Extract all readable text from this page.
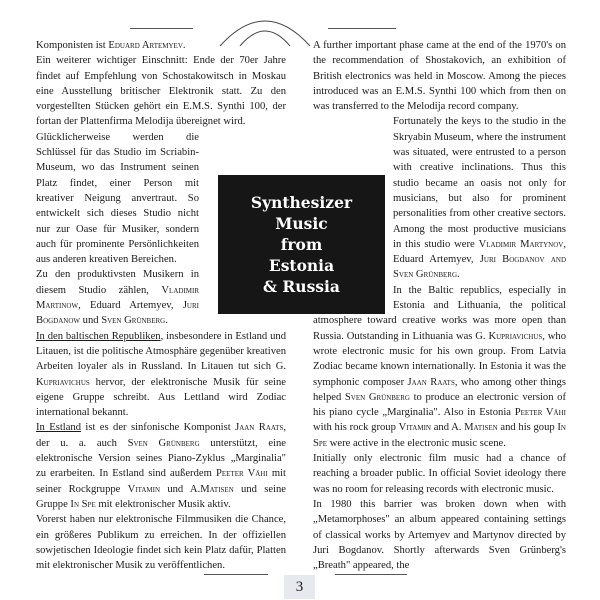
Komponisten ist Eduard Artemyev.

Ein weiterer wichtiger Einschnitt: Ende der 70er Jahre findet auf Empfehlung von Schostakowitsch in Moskau eine Ausstellung britischer Elektronik statt. Zu den vorgestellten Stücken gehört ein E.M.S. Synthi 100, der fortan der Plattenfirma Melodija übereignet wird.

Glücklicherweise werden die Schlüssel für das Studio im Scriabin-Museum, wo das Instrument seinen Platz findet, einer Person mit kreativer Neigung anvertraut. So entwickelt sich dieses Studio nicht nur zur Oase für Musiker, sondern auch für prominente Persönlichkeiten aus anderen kreativen Bereichen.

Zu den produktivsten Musikern in diesem Studio zählen, Vladimir Martinow, Eduard Artemyev, Juri Bogdanow und Sven Grünberg.

In den baltischen Republiken, insbesondere in Estland und Litauen, ist die politische Atmosphäre gegenüber kreativen Arbeiten loyaler als in Russland. In Litauen tut sich G. Kupriavichus hervor, der elektronische Musik für seine eigene Gruppe schreibt. Aus Lettland wird Zodiac international bekannt.

In Estland ist es der sinfonische Komponist Jaan Raats, der u. a. auch Sven Grünberg unterstützt, eine elektronische Version seines Piano-Zyklus „Marginalia" zu erarbeiten. In Estland sind außerdem Peeter Vähi mit seiner Rockgruppe Vitamin und A.Matisen und seine Gruppe In Spe mit elektronischer Musik aktiv.

Vorerst haben nur elektronische Filmmusiken die Chance, ein größeres Publikum zu erreichen. In der offiziellen sowjetischen Ideologie findet sich kein Platz dafür, Platten mit elektronischer Musik zu veröffentlichen.

A further important phase came at the end of the 1970's on the recommendation of Shostakovich, an exhibition of British electronics was held in Moscow. Among the pieces introduced was an E.M.S. Synthi 100 which from then on was transferred to the Melodija record company.

Fortunately the keys to the studio in the Skryabin Museum, where the instrument was situated, were entrusted to a person with creative inclinations. Thus this studio became an oasis not only for musicians, but also for prominent personalities from other creative sectors. Among the most productive musicians in this studio were Vladimir Martynov, Eduard Artemyev, Juri Bogdanov and Sven Grünberg.

In the Baltic republics, especially in Estonia and Lithuania, the political atmosphere toward creative works was more open than Russia. Outstanding in Lithuania was G. Kupriavichus, who wrote electronic music for his own group. From Latvia Zodiac became known internationally. In Estonia it was the symphonic composer Jaan Raats, who among other things helped Sven Grünberg to produce an electronic version of his piano cycle „Marginalia". Also in Estonia Peeter Vähi with his rock group Vitamin and A. Matisen and his goup In Spe were active in the electronic music scene.

Initially only electronic film music had a chance of reaching a broader public. In official Soviet ideology there was no room for releasing records with electronic music.

In 1980 this barrier was broken down when with „Metamorphoses" an album appeared containing settings of classical works by Artemyev and Martynov directed by Juri Bogdanov. Shortly afterwards Sven Grünberg's „Breath" appeared, the

Synthesizer
Music
from
Estonia
& Russia
3
